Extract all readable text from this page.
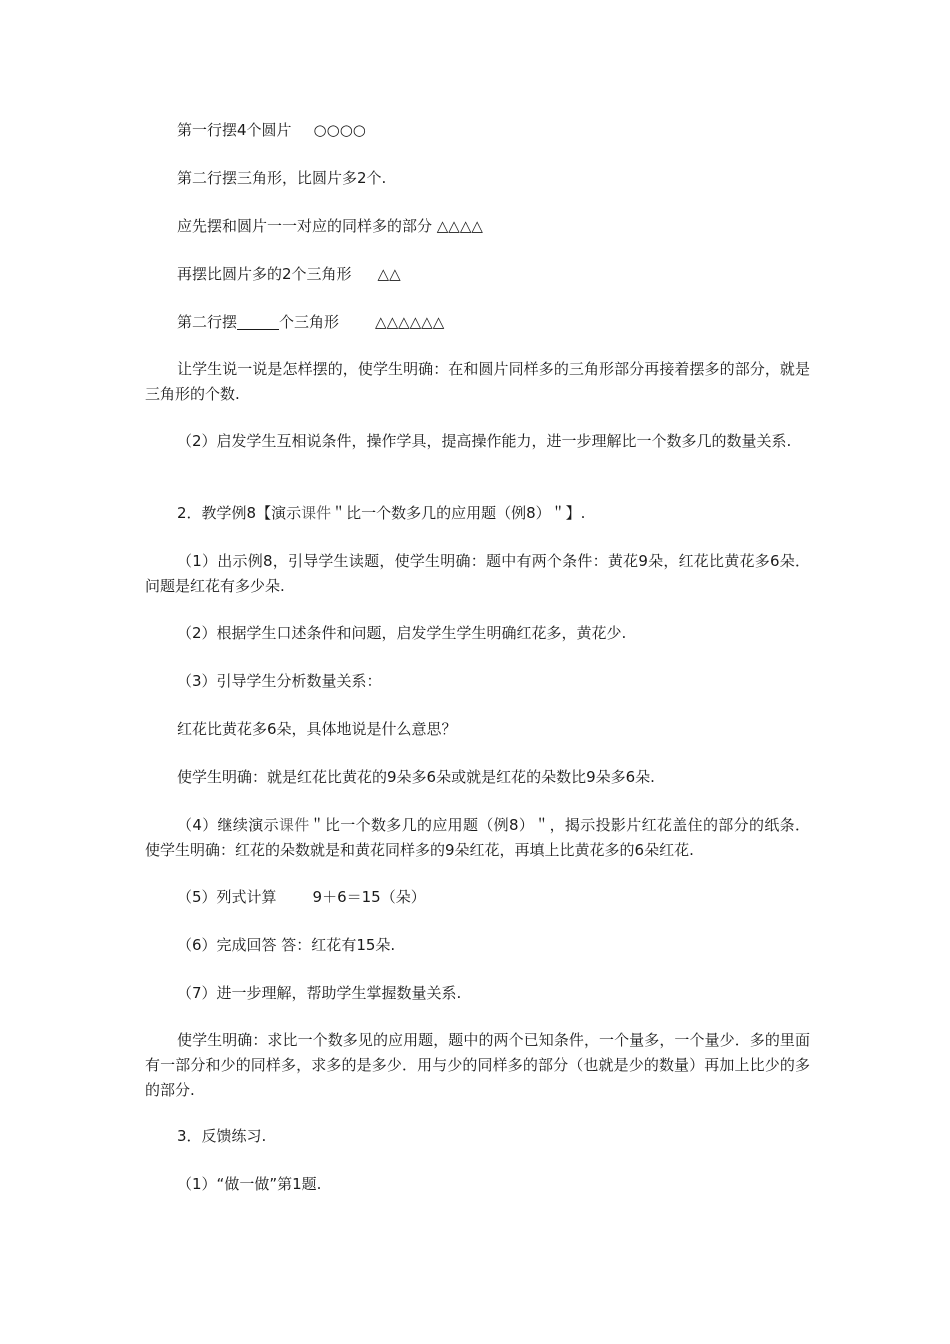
第一行摆4个圆片 ○○○○
第二行摆三角形，比圆片多2个.
应先摆和圆片一一对应的同样多的部分 △△△△
再摆比圆片多的2个三角形 △△
第二行摆	个三角形 △△△△△△
让学生说一说是怎样摆的，使学生明确：在和圆片同样多的三角形部分再接着摆多的部分，就是三角形的个数.
（2）启发学生互相说条件，操作学具，提高操作能力，进一步理解比一个数多几的数量关系.
2．教学例8【演示课件＂比一个数多几的应用题（例8）＂】.
（1）出示例8，引导学生读题，使学生明确：题中有两个条件：黄花9朵，红花比黄花多6朵．问题是红花有多少朵.
（2）根据学生口述条件和问题，启发学生学生明确红花多，黄花少.
（3）引导学生分析数量关系：
红花比黄花多6朵，具体地说是什么意思？
使学生明确：就是红花比黄花的9朵多6朵或就是红花的朵数比9朵多6朵.
（4）继续演示课件＂比一个数多几的应用题（例8）＂，揭示投影片红花盖住的部分的纸条．使学生明确：红花的朵数就是和黄花同样多的9朵红花，再填上比黄花多的6朵红花.
（5）列式计算 9＋6＝15（朵）
（6）完成回答 答：红花有15朵.
（7）进一步理解，帮助学生掌握数量关系.
使学生明确：求比一个数多见的应用题，题中的两个已知条件，一个量多，一个量少．多的里面有一部分和少的同样多，求多的是多少．用与少的同样多的部分（也就是少的数量）再加上比少的多的部分.
3．反馈练习.
（1）“做一做”第1题.
